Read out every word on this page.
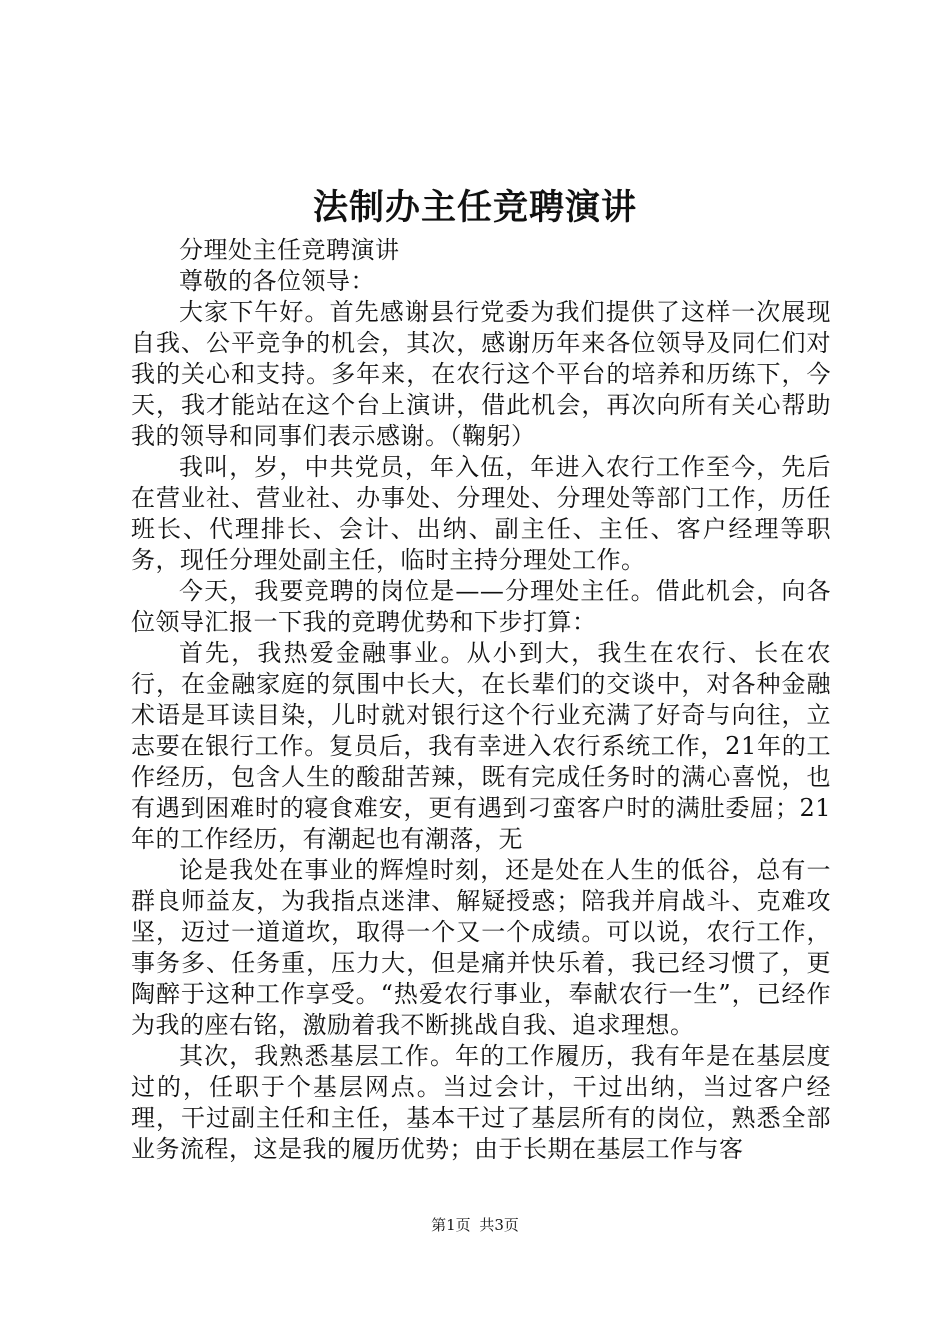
法制办主任竞聘演讲

分理处主任竞聘演讲

尊敬的各位领导：

大家下午好。首先感谢县行党委为我们提供了这样一次展现自我、公平竞争的机会，其次，感谢历年来各位领导及同仁们对我的关心和支持。多年来，在农行这个平台的培养和历练下，今天，我才能站在这个台上演讲，借此机会，再次向所有关心帮助我的领导和同事们表示感谢。（鞠躬）

我叫，岁，中共党员，年入伍，年进入农行工作至今，先后在营业社、营业社、办事处、分理处、分理处等部门工作，历任班长、代理排长、会计、出纳、副主任、主任、客户经理等职务，现任分理处副主任，临时主持分理处工作。

今天，我要竞聘的岗位是——分理处主任。借此机会，向各位领导汇报一下我的竞聘优势和下步打算：

首先，我热爱金融事业。从小到大，我生在农行、长在农行，在金融家庭的氛围中长大，在长辈们的交谈中，对各种金融术语是耳读目染，儿时就对银行这个行业充满了好奇与向往，立志要在银行工作。复员后，我有幸进入农行系统工作，21年的工作经历，包含人生的酸甜苦辣，既有完成任务时的满心喜悦，也有遇到困难时的寝食难安，更有遇到刁蛮客户时的满肚委屈；21年的工作经历，有潮起也有潮落，无

论是我处在事业的辉煌时刻，还是处在人生的低谷，总有一群良师益友，为我指点迷津、解疑授惑；陪我并肩战斗、克难攻坚，迈过一道道坎，取得一个又一个成绩。可以说，农行工作，事务多、任务重，压力大，但是痛并快乐着，我已经习惯了，更陶醉于这种工作享受。“热爱农行事业，奉献农行一生”，已经作为我的座右铭，激励着我不断挑战自我、追求理想。

其次，我熟悉基层工作。年的工作履历，我有年是在基层度过的，任职于个基层网点。当过会计，干过出纳，当过客户经理，干过副主任和主任，基本干过了基层所有的岗位，熟悉全部业务流程，这是我的履历优势；由于长期在基层工作与客

第1页 共3页
